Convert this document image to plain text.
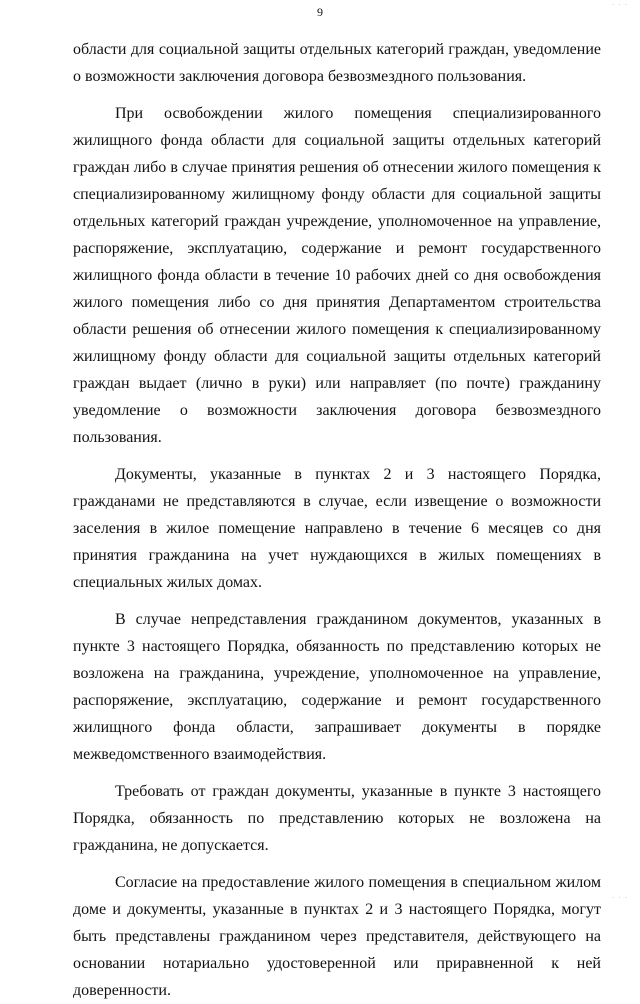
· · ·
9

области для социальной защиты отдельных категорий граждан, уведомление о возможности заключения договора безвозмездного пользования.

При освобождении жилого помещения специализированного жилищного фонда области для социальной защиты отдельных категорий граждан либо в случае принятия решения об отнесении жилого помещения к специализированному жилищному фонду области для социальной защиты отдельных категорий граждан учреждение, уполномоченное на управление, распоряжение, эксплуатацию, содержание и ремонт государственного жилищного фонда области в течение 10 рабочих дней со дня освобождения жилого помещения либо со дня принятия Департаментом строительства области решения об отнесении жилого помещения к специализированному жилищному фонду области для социальной защиты отдельных категорий граждан выдает (лично в руки) или направляет (по почте) гражданину уведомление о возможности заключения договора безвозмездного пользования.

Документы, указанные в пунктах 2 и 3 настоящего Порядка, гражданами не представляются в случае, если извещение о возможности заселения в жилое помещение направлено в течение 6 месяцев со дня принятия гражданина на учет нуждающихся в жилых помещениях в специальных жилых домах.

В случае непредставления гражданином документов, указанных в пункте 3 настоящего Порядка, обязанность по представлению которых не возложена на гражданина, учреждение, уполномоченное на управление, распоряжение, эксплуатацию, содержание и ремонт государственного жилищного фонда области, запрашивает документы в порядке межведомственного взаимодействия.

Требовать от граждан документы, указанные в пункте 3 настоящего Порядка, обязанность по представлению которых не возложена на гражданина, не допускается.

Согласие на предоставление жилого помещения в специальном жилом доме и документы, указанные в пунктах 2 и 3 настоящего Порядка, могут быть представлены гражданином через представителя, действующего на основании нотариально удостоверенной или приравненной к ней доверенности.

· · ·
